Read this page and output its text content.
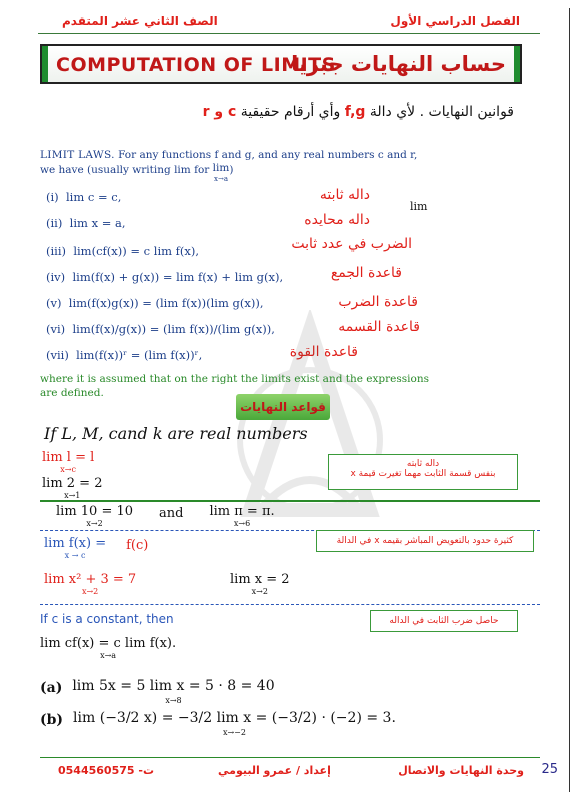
الفصل الدراسي الأول
الصف الثاني عشر المتقدم
COMPUTATION OF LIMITS
حساب النهايات جبريا
قوانين النهايات . لأي دالة f,g وأي أرقام حقيقية c و r
LIMIT LAWS. For any functions f and g, and any real numbers c and r,
we have (usually writing lim for lim
x→a)
lim
(i) lim c = c,	داله ثابته
(ii) lim x = a,	داله محايده
(iii) lim(cf(x)) = c lim f(x),	الضرب في عدد ثابت
(iv) lim(f(x) + g(x)) = lim f(x) + lim g(x),	قاعدة الجمع
(v) lim(f(x)g(x)) = (lim f(x))(lim g(x)),	قاعدة الضرب
(vi) lim(f(x)/g(x)) = (lim f(x))/(lim g(x)),	قاعدة القسمه
(vii) lim(f(x))ʳ = (lim f(x))ʳ,	قاعدة القوة
where it is assumed that on the right the limits exist and the expressions
are defined.
قواعد النهايات
If L, M, cand k are real numbers
lim l = l
x→c
lim 2 = 2
x→1
داله ثابته
بنفس قسمة الثابت مهما تغيرت قيمة x
lim 10 = 10
x→2
and lim π = π.
x→6
lim f(x) =
x → c
f(c)	كثيرة حدود بالتعويض المباشر بقيمه x في الدالة
lim x² + 3 = 7
x→2
lim x = 2
x→2
If c is a constant, then	حاصل ضرب الثابت في الداله
lim cf(x) = c lim f(x).
x→a
(a) lim 5x = 5 lim x = 5 · 8 = 40
x→8
(b) lim (−3/2 x) = −3/2 lim x = (−3/2) · (−2) = 3.
x→−2
25
وحدة النهايات والاتصال
إعداد / عمرو البيومي
ت- 0544560575
